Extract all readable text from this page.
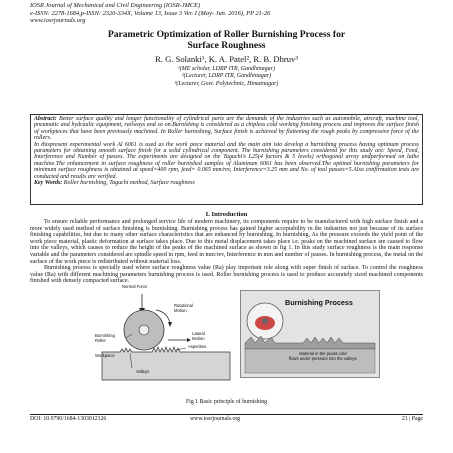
IOSR Journal of Mechanical and Civil Engineering (IOSR-JMCE)
e-ISSN: 2278-1684,p-ISSN: 2320-334X, Volume 13, Issue 3 Ver. I (May- Jun. 2016), PP 21-26
www.iosrjournals.org
Parametric Optimization of Roller Burnishing Process for
Surface Roughness
R. G. Solanki¹, K. A. Patel², R. B. Dhruv³
¹(ME scholar, LDRP ITR, Gandhinagar)
²(Lecturer, LDRP ITR, Gandhinagar)
³(Lecturer, Govt. Polytechnic, Himatnagar)

Abstract: Better surface quality and longer functionality of cylindrical parts are the demands of the industries such as automobile, aircraft, machine tool, pneumatic and hydraulic equipment, railways and so on.Burnishing is considered as a chipless cold working finishing process and improves the surface finish of workpieces that have been previously machined. In Roller burnishing, Surface finish is achieved by flattening the rough peaks by compressive force of the rollers.

In thispresent experimental work Al 6061 is used as the work piece material and the main aim isto develop a burnishing process having optimum process parameters for obtaining smooth surface finish for a solid cylindrical component. The burnishing parameters considered for this study are: Speed, Feed, Interference and Number of passes. The experiments are designed on the Taguchi's L25(4 factors & 5 levels) orthogonal array andperformed on lathe machine.The enhancement in surface roughness of roller burnished samples of Aluminum 6061 has been observed.The optimal burnishing parameters for minimum surface roughness is obtained at speed=400 rpm, feed= 0.065 mm/rev, Interference=3.25 mm and No. of tool passes=5.Also confirmation tests are conducted and results are verified.

Key Words: Roller burnishing, Taguchi method, Surface roughness

I. Introduction

To ensure reliable performance and prolonged service life of modern machinery, its components require to be manufactured with high surface finish and a more widely used method of surface finishing is burnishing. Burnishing process has gained higher acceptability in the industries not just because of its surface finishing capabilities, but due to many other surface characteristics that are enhanced by burnishing. In burnishing, As the pressure exceeds the yield point of the work piece material, plastic deformation at surface takes place. Due to this metal displacement takes place i.e. peaks on the machined surface are caused to flow into the valleys, which causes to reduce the height of the peaks of the machined surface as shown in fig 1. In this study surface roughness is the main response variable and the parameters considered are spindle speed in rpm, feed in mm/rev, Interference in mm and number of passes. In burnishing process, the metal on the surface of the work piece is redistributed without material loss.

Burnishing process is specially used where surface roughness value (Ra) play important role along with super finish of surface. To control the roughness value (Ra) with different machining parameters burnishing process is used. Roller burnishing process is used to produce accurately sized machined components finished with densely compacted surface.

Normal Force
Rotational
Motion
Lateral
Motion
Asperities
Burnishing
Roller
Workpiece
Valleys
Burnishing Process
Material in the peaks cold
flows under pressure into the valleys
Fig 1 Basic principle of burnishing
DOI: 10.9790/1684-1303012126	www.iosrjournals.org	21 | Page
